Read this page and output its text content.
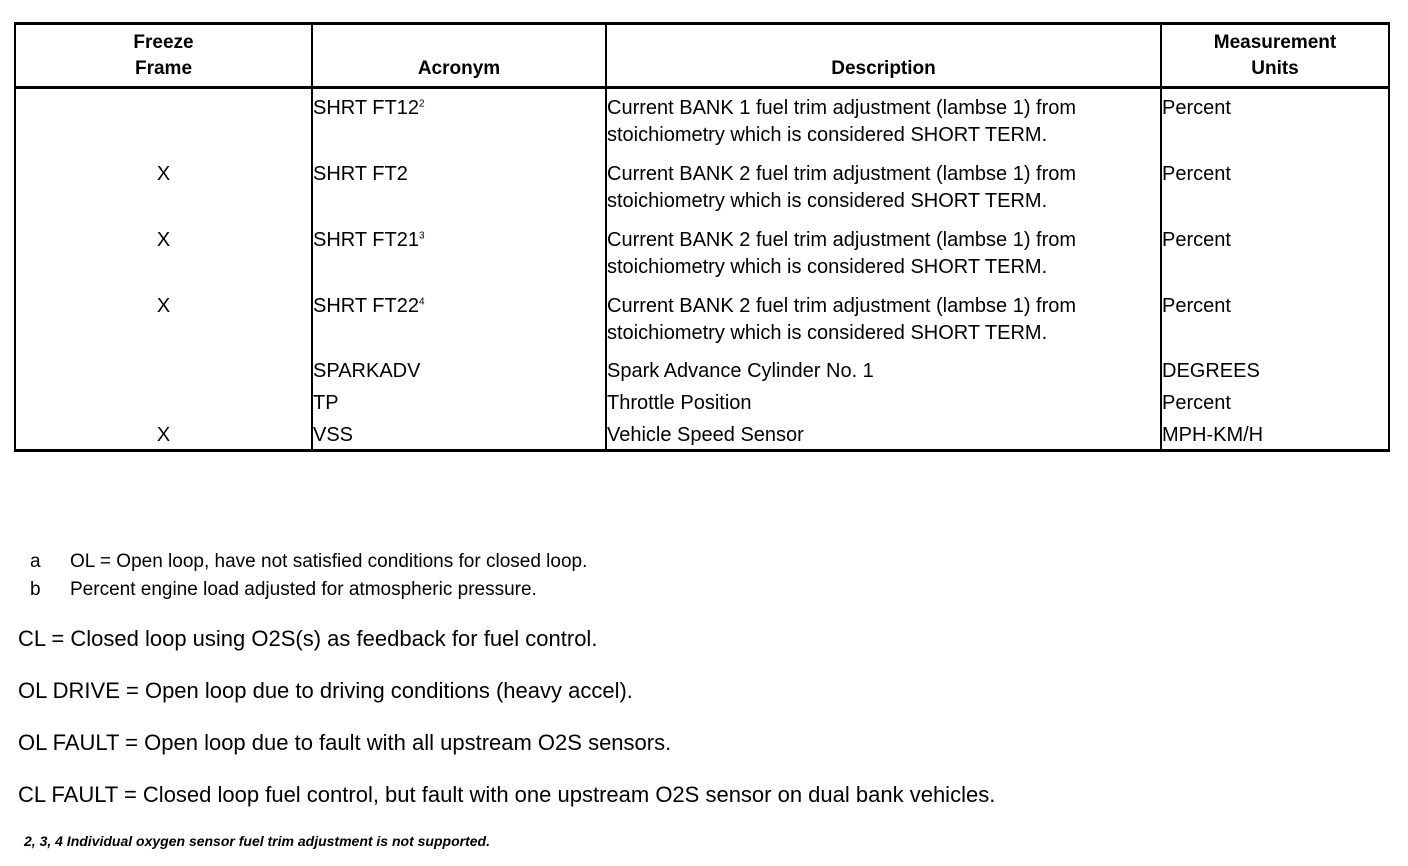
Freeze Frame	Acronym	Description	Measurement Units
	SHRT $FT12^2$	Current BANK 1 fuel trim adjustment (lambse 1) from stoichiometry which is considered SHORT TERM.	Percent
X	SHRT FT2	Current BANK 2 fuel trim adjustment (lambse 1) from stoichiometry which is considered SHORT TERM.	Percent
X	SHRT $FT21^3$	Current BANK 2 fuel trim adjustment (lambse 1) from stoichiometry which is considered SHORT TERM.	Percent
X	SHRT $FT22^4$	Current BANK 2 fuel trim adjustment (lambse 1) from stoichiometry which is considered SHORT TERM.	Percent
	SPARKADV	Spark Advance Cylinder No. 1	DEGREES
	TP	Throttle Position	Percent
X	VSS	Vehicle Speed Sensor	MPH-KM/H
a	OL = Open loop, have not satisfied conditions for closed loop.
b	Percent engine load adjusted for atmospheric pressure.

CL = Closed loop using O2S(s) as feedback for fuel control.

OL DRIVE = Open loop due to driving conditions (heavy accel).

OL FAULT = Open loop due to fault with all upstream O2S sensors.

CL FAULT = Closed loop fuel control, but fault with one upstream O2S sensor on dual bank vehicles.

2, 3, 4 Individual oxygen sensor fuel trim adjustment is not supported.
